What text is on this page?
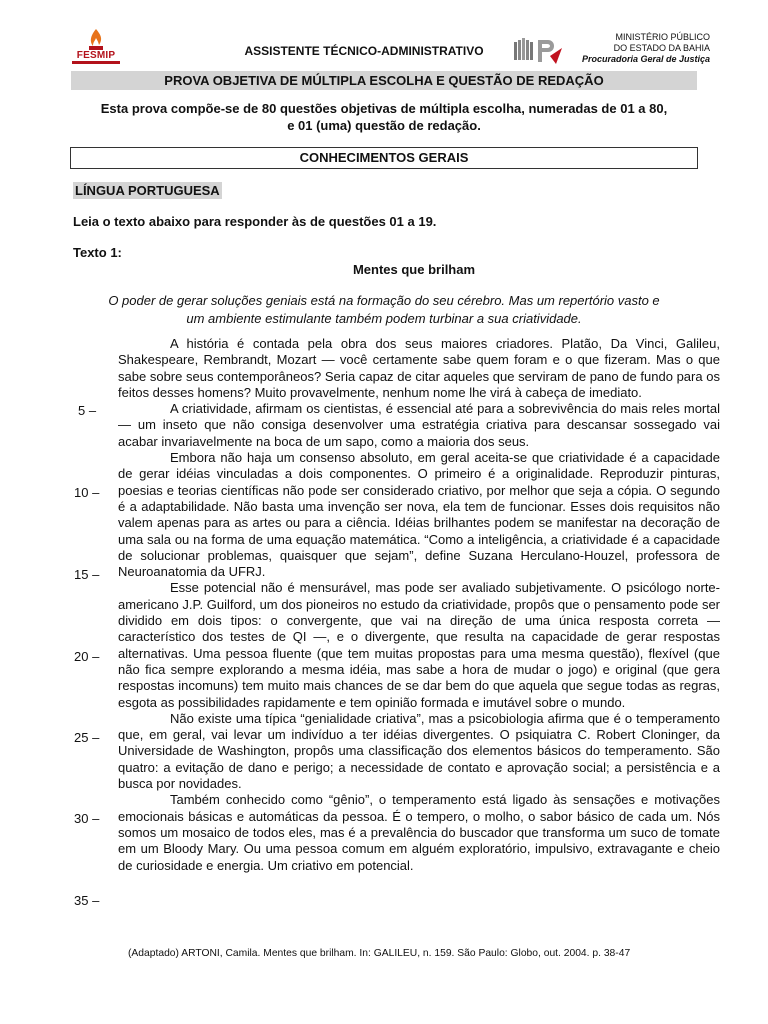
FESMIP	ASSISTENTE TÉCNICO-ADMINISTRATIVO
MINISTÉRIO PÚBLICO
DO ESTADO DA BAHIA
Procuradoria Geral de Justiça
PROVA OBJETIVA DE MÚLTIPLA ESCOLHA E QUESTÃO DE REDAÇÃO
Esta prova compõe-se de 80 questões objetivas de múltipla escolha, numeradas de 01 a 80,
e 01 (uma) questão de redação.
CONHECIMENTOS GERAIS
LÍNGUA PORTUGUESA
Leia o texto abaixo para responder às de questões 01 a 19.
Texto 1:
Mentes que brilham
O poder de gerar soluções geniais está na formação do seu cérebro. Mas um repertório vasto e
um ambiente estimulante também podem turbinar a sua criatividade.

A história é contada pela obra dos seus maiores criadores. Platão, Da Vinci, Galileu, Shakespeare, Rembrandt, Mozart — você certamente sabe quem foram e o que fizeram. Mas o que sabe sobre seus contemporâneos? Seria capaz de citar aqueles que serviram de pano de fundo para os feitos desses homens? Muito provavelmente, nenhum nome lhe virá à cabeça de imediato.

A criatividade, afirmam os cientistas, é essencial até para a sobrevivência do mais reles mortal — um inseto que não consiga desenvolver uma estratégia criativa para descansar sossegado vai acabar invariavelmente na boca de um sapo, como a maioria dos seus.

Embora não haja um consenso absoluto, em geral aceita-se que criatividade é a capacidade de gerar idéias vinculadas a dois componentes. O primeiro é a originalidade. Reproduzir pinturas, poesias e teorias científicas não pode ser considerado criativo, por melhor que seja a cópia. O segundo é a adaptabilidade. Não basta uma invenção ser nova, ela tem de funcionar. Esses dois requisitos não valem apenas para as artes ou para a ciência. Idéias brilhantes podem se manifestar na decoração de uma sala ou na forma de uma equação matemática. “Como a inteligência, a criatividade é a capacidade de solucionar problemas, quaisquer que sejam”, define Suzana Herculano-Houzel, professora de Neuroanatomia da UFRJ.

Esse potencial não é mensurável, mas pode ser avaliado subjetivamente. O psicólogo norte-americano J.P. Guilford, um dos pioneiros no estudo da criatividade, propôs que o pensamento pode ser dividido em dois tipos: o convergente, que vai na direção de uma única resposta correta — característico dos testes de QI —, e o divergente, que resulta na capacidade de gerar respostas alternativas. Uma pessoa fluente (que tem muitas propostas para uma mesma questão), flexível (que não fica sempre explorando a mesma idéia, mas sabe a hora de mudar o jogo) e original (que gera respostas incomuns) tem muito mais chances de se dar bem do que aquela que segue todas as regras, esgota as possibilidades rapidamente e tem opinião formada e imutável sobre o mundo.

Não existe uma típica “genialidade criativa”, mas a psicobiologia afirma que é o temperamento que, em geral, vai levar um indivíduo a ter idéias divergentes. O psiquiatra C. Robert Cloninger, da Universidade de Washington, propôs uma classificação dos elementos básicos do temperamento. São quatro: a evitação de dano e perigo; a necessidade de contato e aprovação social; a persistência e a busca por novidades.

Também conhecido como “gênio”, o temperamento está ligado às sensações e motivações emocionais básicas e automáticas da pessoa. É o tempero, o molho, o sabor básico de cada um. Nós somos um mosaico de todos eles, mas é a prevalência do buscador que transforma um suco de tomate em um Bloody Mary. Ou uma pessoa comum em alguém exploratório, impulsivo, extravagante e cheio de curiosidade e energia. Um criativo em potencial.

5 –
10 –
15 –
20 –
25 –
30 –
35 –
(Adaptado) ARTONI, Camila. Mentes que brilham. In: GALILEU, n. 159. São Paulo: Globo, out. 2004. p. 38-47
